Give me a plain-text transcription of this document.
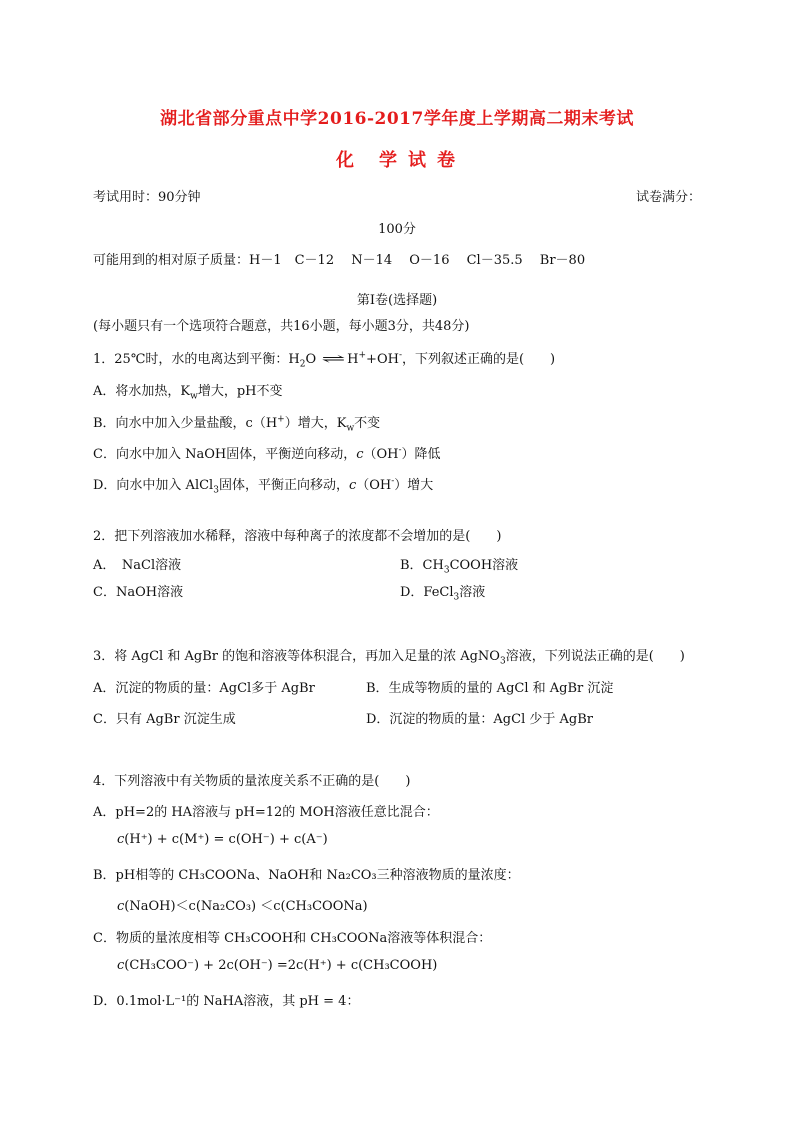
湖北省部分重点中学2016-2017学年度上学期高二期末考试
化 学 试 卷
考试用时：90分钟	试卷满分：
100分
可能用到的相对原子质量：H－1　C－12　 N－14　 O－16　 Cl－35.5　 Br－80
第Ⅰ卷(选择题)
(每小题只有一个选项符合题意，共16小题，每小题3分，共48分)
1．25℃时，水的电离达到平衡：$H_2O$ ⇌H++OH-，下列叙述正确的是(　　)
A．将水加热，$K_w$增大，pH不变
B．向水中加入少量盐酸，c（H+）增大，$K_w$不变
C．向水中加入 NaOH固体，平衡逆向移动，c（OH-）降低
D．向水中加入 AlCl$_3$固体，平衡正向移动，c（OH-）增大
2．把下列溶液加水稀释，溶液中每种离子的浓度都不会增加的是(　　)
A．　NaCl溶液	B．$CH_3COOH$溶液
C．NaOH溶液	D．FeCl$_3$溶液
3．将 AgCl 和 AgBr 的饱和溶液等体积混合，再加入足量的浓 AgNO$_3$溶液，下列说法正确的是(　　)
A．沉淀的物质的量：AgCl多于 AgBr	B．生成等物质的量的 AgCl 和 AgBr 沉淀
C．只有 AgBr 沉淀生成	D．沉淀的物质的量：AgCl 少于 AgBr
4．下列溶液中有关物质的量浓度关系不正确的是(　　)
A．pH=2的 HA溶液与 pH=12的 MOH溶液任意比混合：
c(H⁺) + c(M⁺) = c(OH⁻) + c(A⁻)
B．pH相等的 CH₃COONa、NaOH和 Na₂CO₃三种溶液物质的量浓度：
c(NaOH)＜c(Na₂CO₃) ＜c(CH₃COONa)
C．物质的量浓度相等 CH₃COOH和 CH₃COONa溶液等体积混合：
c(CH₃COO⁻) + 2c(OH⁻) =2c(H⁺) + c(CH₃COOH)
D．0.1mol·L⁻¹的 NaHA溶液，其 pH = 4：
